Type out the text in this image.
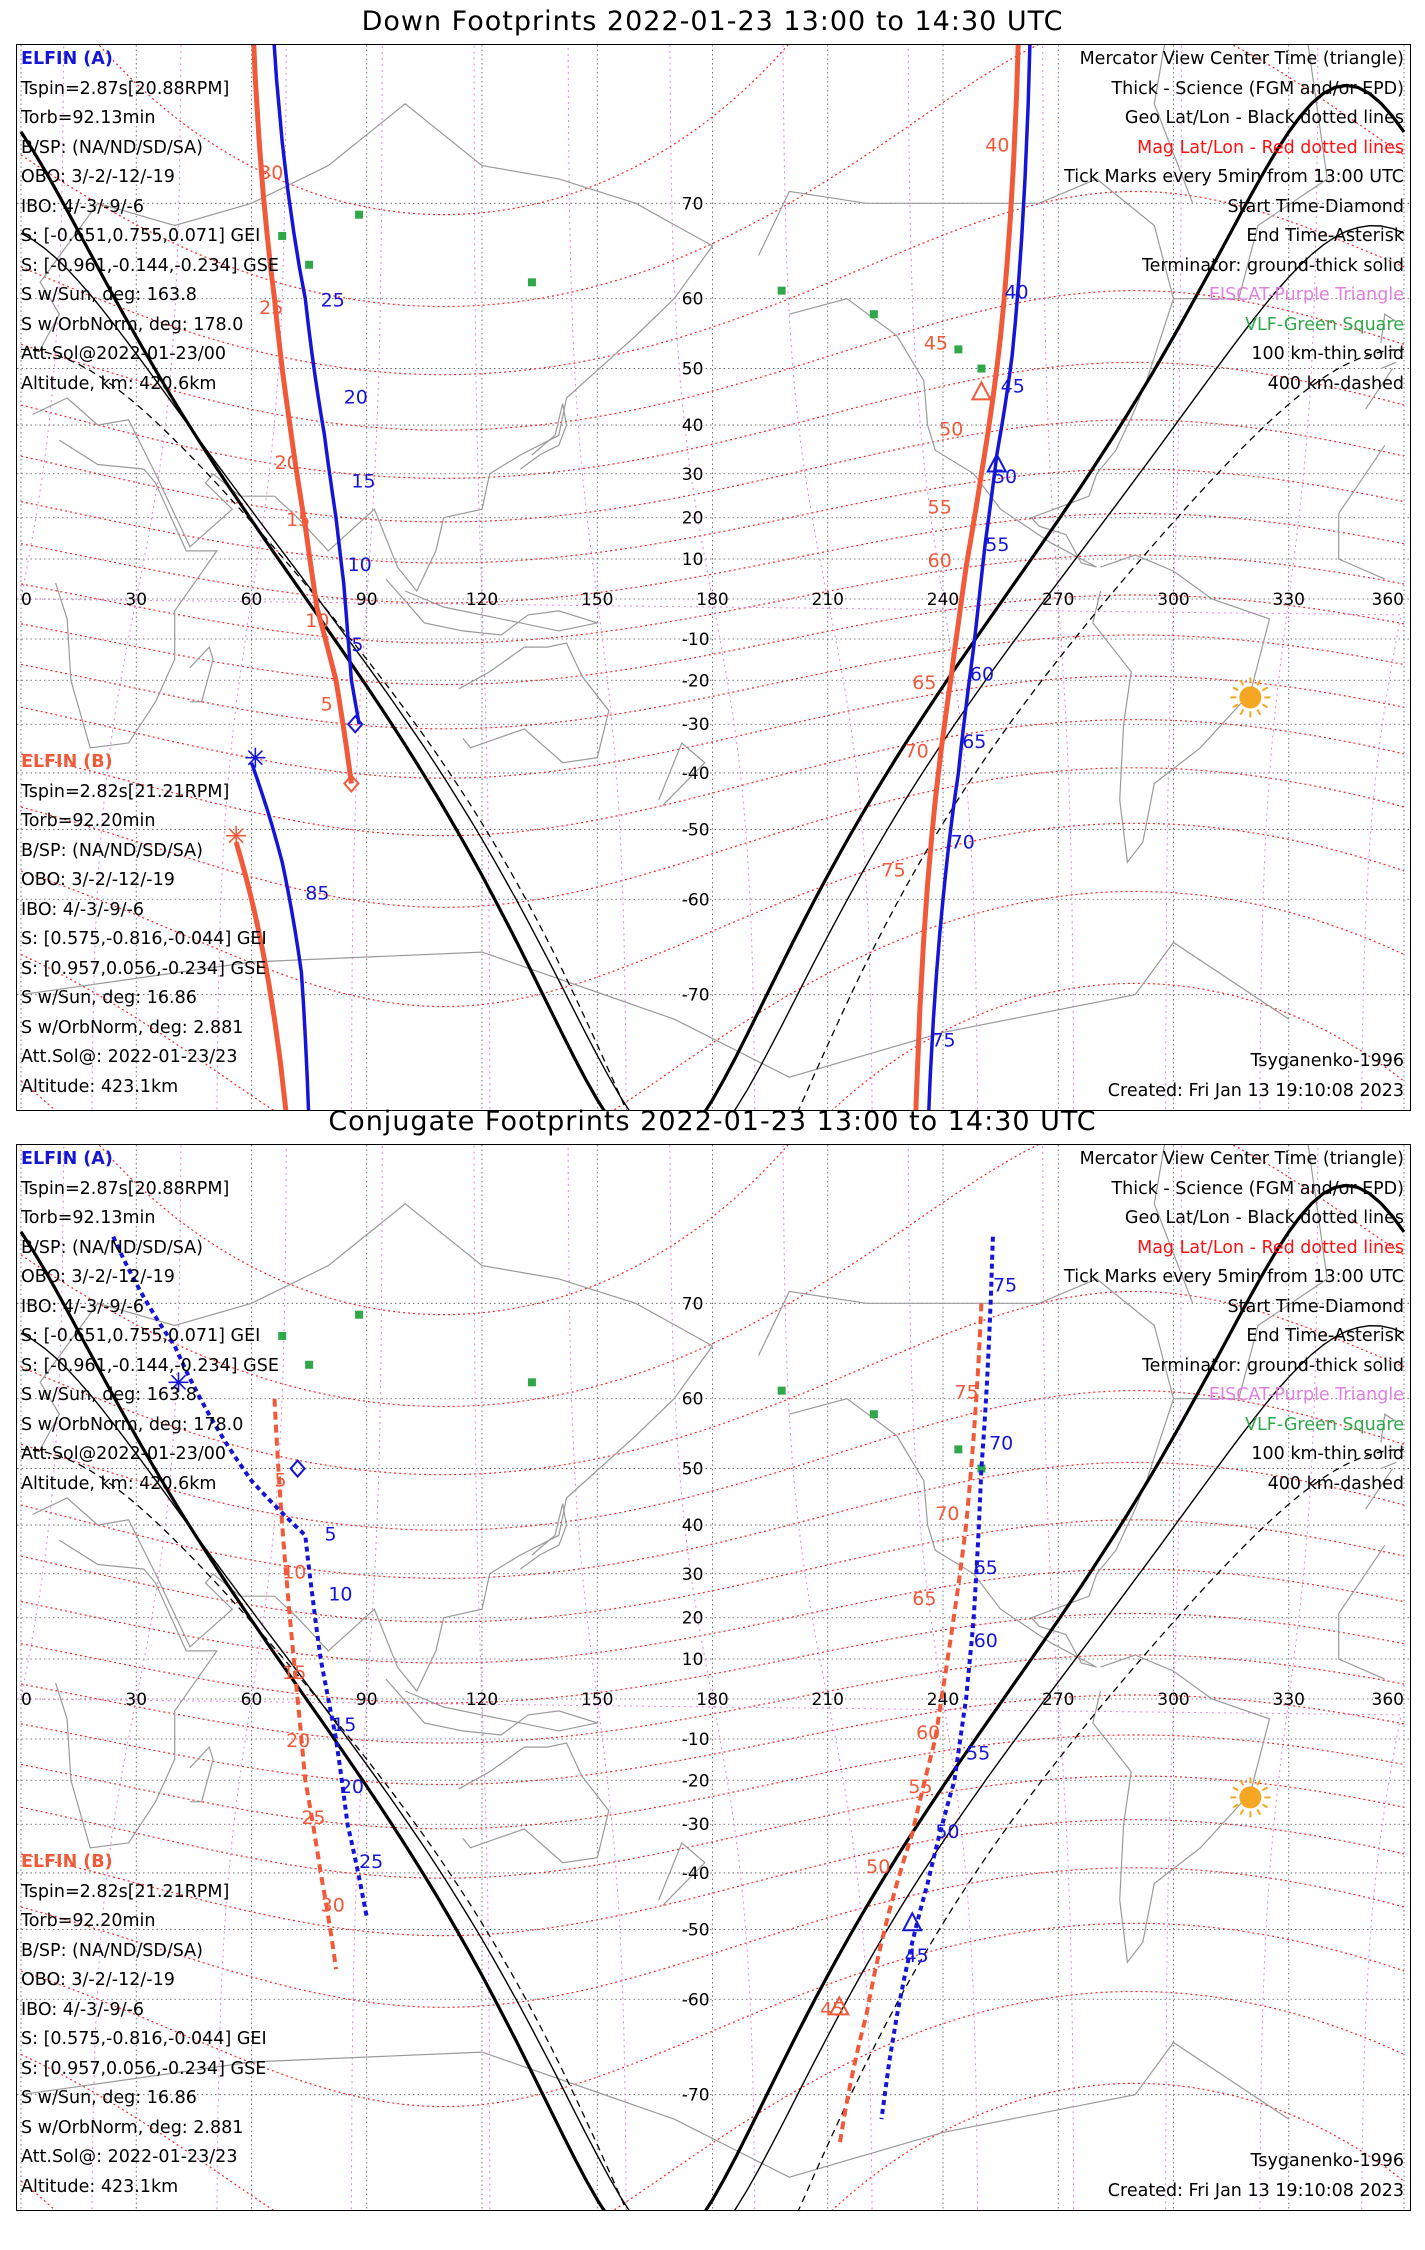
Down Footprints 2022-01-23 13:00 to 14:30 UTC
0	30	60	90	120	150	180	210	240	270	300	330	360
70
60
50
40
30
20
10
-10
-20
-30
-40
-50
-60
-70
25
20
15
10
5
40
45
50
55
60
65
70
75
85
40
45
50
55
60
65
70
75
25
20
15
10
5
30
ELFIN (A)
Tspin=2.87s[20.88RPM]
Torb=92.13min
B/SP: (NA/ND/SD/SA)
OBO: 3/-2/-12/-19
IBO: 4/-3/-9/-6
S: [-0.651,0.755,0.071] GEI
S: [-0.961,-0.144,-0.234] GSE
S w/Sun, deg: 163.8
S w/OrbNorm, deg: 178.0
Att.Sol@2022-01-23/00
Altitude, km: 420.6km
ELFIN (B)
Tspin=2.82s[21.21RPM]
Torb=92.20min
B/SP: (NA/ND/SD/SA)
OBO: 3/-2/-12/-19
IBO: 4/-3/-9/-6
S: [0.575,-0.816,-0.044] GEI
S: [0.957,0.056,-0.234] GSE
S w/Sun, deg: 16.86
S w/OrbNorm, deg: 2.881
Att.Sol@: 2022-01-23/23
Altitude: 423.1km
Mercator View Center Time (triangle)
Thick - Science (FGM and/or EPD)
Geo Lat/Lon - Black dotted lines
Mag Lat/Lon - Red dotted lines
Tick Marks every 5min from 13:00 UTC
Start Time-Diamond
End Time-Asterisk
Terminator: ground-thick solid
EISCAT-Purple Triangle
VLF-Green Square
100 km-thin solid
400 km-dashed
Tsyganenko-1996
Created: Fri Jan 13 19:10:08 2023
Conjugate Footprints 2022-01-23 13:00 to 14:30 UTC
0	30	60	90	120	150	180	210	240	270	300	330	360
70
60
50
40
30
20
10
-10
-20
-30
-40
-50
-60
-70
5
10
15
20
25
75
70
65
60
55
50
45
5
10
15
20
25
30
75
70
65
60
55
50
45
ELFIN (A)
Tspin=2.87s[20.88RPM]
Torb=92.13min
B/SP: (NA/ND/SD/SA)
OBO: 3/-2/-12/-19
IBO: 4/-3/-9/-6
S: [-0.651,0.755,0.071] GEI
S: [-0.961,-0.144,-0.234] GSE
S w/Sun, deg: 163.8
S w/OrbNorm, deg: 178.0
Att.Sol@2022-01-23/00
Altitude, km: 420.6km
ELFIN (B)
Tspin=2.82s[21.21RPM]
Torb=92.20min
B/SP: (NA/ND/SD/SA)
OBO: 3/-2/-12/-19
IBO: 4/-3/-9/-6
S: [0.575,-0.816,-0.044] GEI
S: [0.957,0.056,-0.234] GSE
S w/Sun, deg: 16.86
S w/OrbNorm, deg: 2.881
Att.Sol@: 2022-01-23/23
Altitude: 423.1km
Mercator View Center Time (triangle)
Thick - Science (FGM and/or EPD)
Geo Lat/Lon - Black dotted lines
Mag Lat/Lon - Red dotted lines
Tick Marks every 5min from 13:00 UTC
Start Time-Diamond
End Time-Asterisk
Terminator: ground-thick solid
EISCAT-Purple Triangle
VLF-Green Square
100 km-thin solid
400 km-dashed
Tsyganenko-1996
Created: Fri Jan 13 19:10:08 2023
